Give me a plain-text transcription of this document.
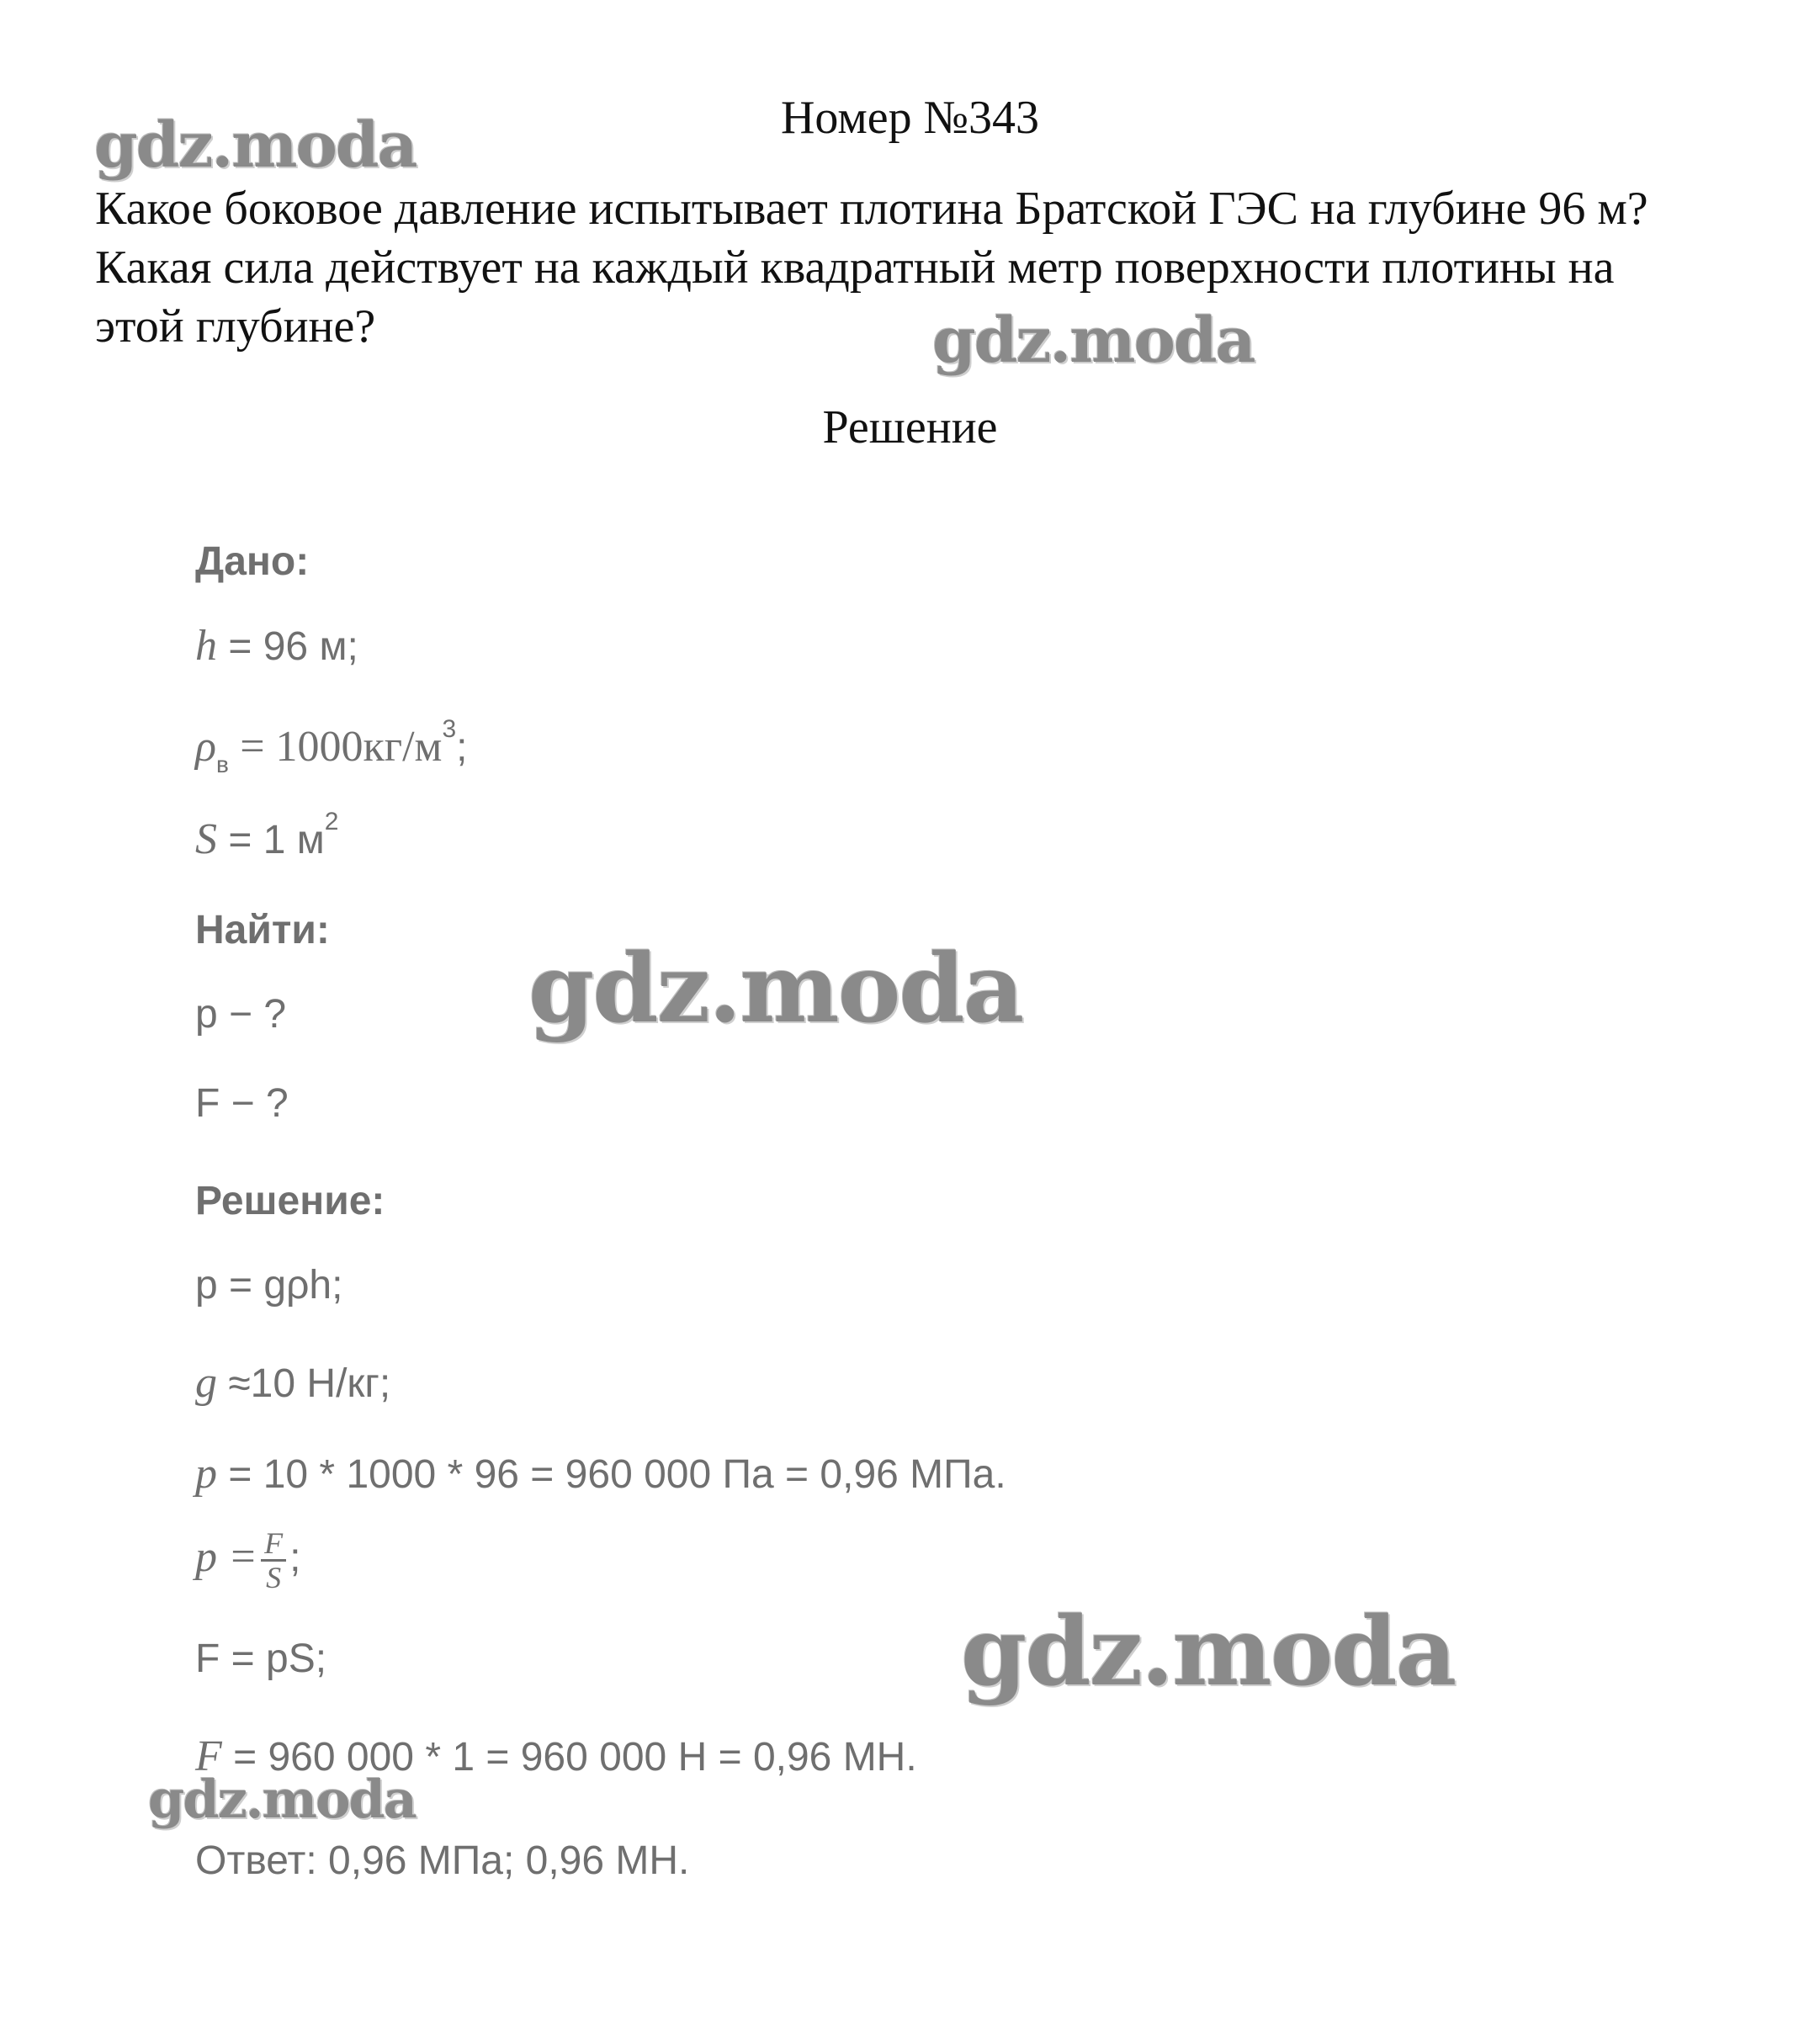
Номер №343
Какое боковое давление испытывает плотина Братской ГЭС на глубине 96 м? Какая сила действует на каждый квадратный метр поверхности плотины на этой глубине?
Решение
Дано:
h = 96 м;
$\rho_в = 1000кг/м^3$;
S = 1 $м^2$
Найти:
p − ?
F − ?
Решение:
p = gρh;
g ≈10 Н/кг;
p = 10 * 1000 * 96 = 960 000 Па = 0,96 МПа.
$p = \frac{F}{S}$ ;
F = pS;
F = 960 000 * 1 = 960 000 Н = 0,96 МН.
Ответ: 0,96 МПа; 0,96 МН.
gdz.moda
gdz.moda
gdz.moda
gdz.moda
gdz.moda
